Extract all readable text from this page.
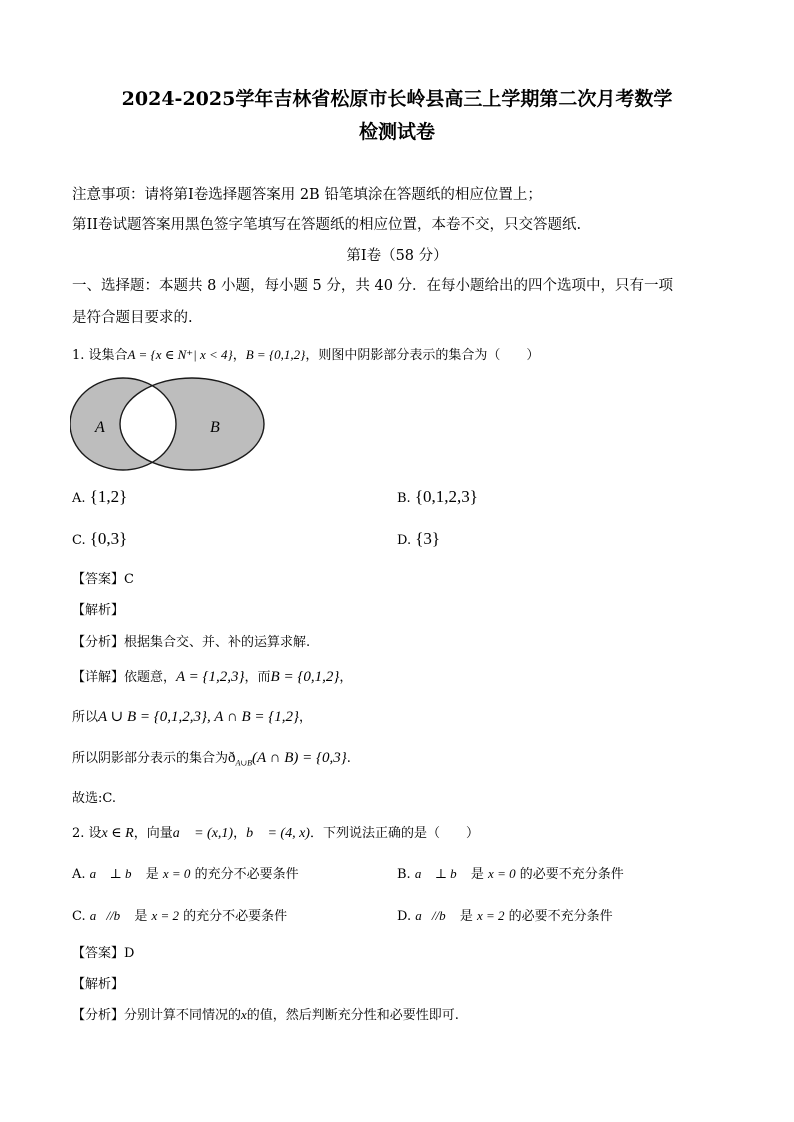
2024-2025学年吉林省松原市长岭县高三上学期第二次月考数学
检测试卷
注意事项：请将第I卷选择题答案用 2B 铅笔填涂在答题纸的相应位置上；
第II卷试题答案用黑色签字笔填写在答题纸的相应位置，本卷不交，只交答题纸.
第I卷（58 分）
一、选择题：本题共 8 小题，每小题 5 分，共 40 分．在每小题给出的四个选项中，只有一项
是符合题目要求的.
1. 设集合A = {x ∈ N⁺| x < 4}，B = {0,1,2}，则图中阴影部分表示的集合为（　　）
A	B
A. {1,2}	B. {0,1,2,3}
C. {0,3}	D. {3}
【答案】C
【解析】
【分析】根据集合交、并、补的运算求解.
【详解】依题意，A = {1,2,3}，而B = {0,1,2}，
所以A ∪ B = {0,1,2,3}, A ∩ B = {1,2}，
所以阴影部分表示的集合为$ð_{A\cup B}(A$ ∩ B) = {0,3}.
故选:C.
2. 设x ∈ R，向量a⃗ = (x,1)，b⃗ = (4, x)．下列说法正确的是（　　）
A. a⃗ ⊥ b⃗ 是 x = 0 的充分不必要条件	B. a⃗ ⊥ b⃗ 是 x = 0 的必要不充分条件
C. a⃗//b⃗ 是 x = 2 的充分不必要条件	D. a⃗//b⃗ 是 x = 2 的必要不充分条件
【答案】D
【解析】
【分析】分别计算不同情况的x的值，然后判断充分性和必要性即可.
